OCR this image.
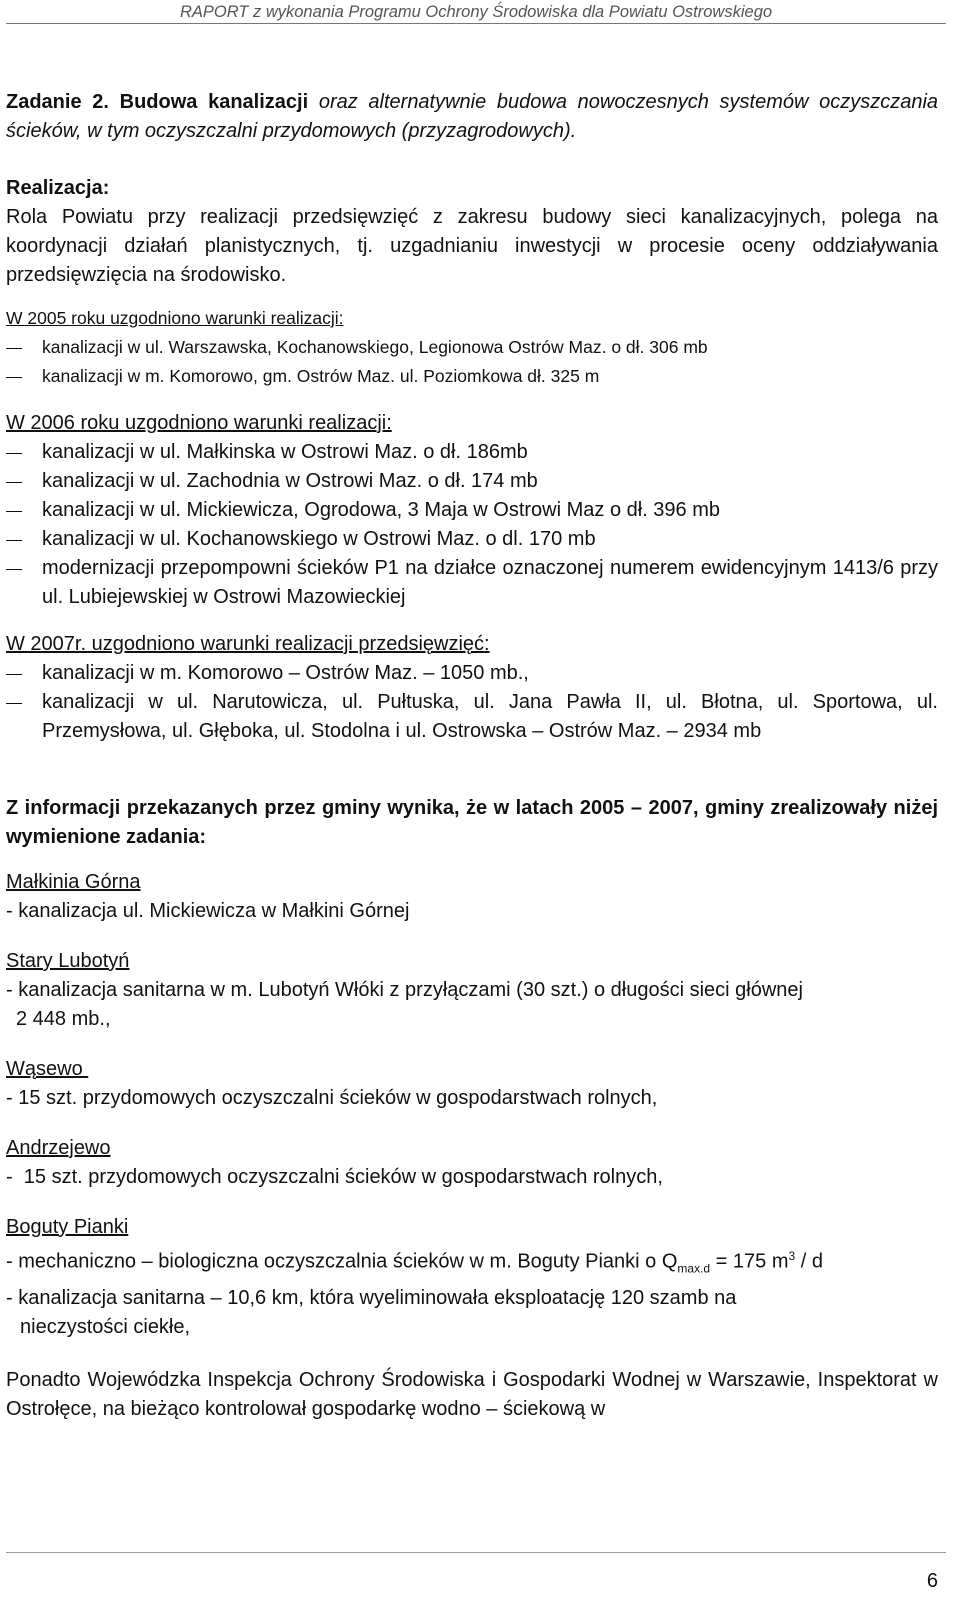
RAPORT z wykonania Programu Ochrony Środowiska dla Powiatu Ostrowskiego

Zadanie 2. Budowa kanalizacji oraz alternatywnie budowa nowoczesnych systemów oczyszczania ścieków, w tym oczyszczalni przydomowych (przyzagrodowych).

Realizacja:

Rola Powiatu przy realizacji przedsięwzięć z zakresu budowy sieci kanalizacyjnych, polega na koordynacji działań planistycznych, tj. uzgadnianiu inwestycji w procesie oceny oddziaływania przedsięwzięcia na środowisko.

W 2005 roku uzgodniono warunki realizacji:

kanalizacji w ul. Warszawska, Kochanowskiego, Legionowa Ostrów Maz. o dł. 306 mb
kanalizacji w m. Komorowo, gm. Ostrów Maz. ul. Poziomkowa dł. 325 m

W 2006 roku uzgodniono warunki realizacji:

kanalizacji w ul. Małkinska w Ostrowi Maz. o dł. 186mb
kanalizacji w ul. Zachodnia w Ostrowi Maz. o dł. 174 mb
kanalizacji w ul. Mickiewicza, Ogrodowa, 3 Maja w Ostrowi Maz o dł. 396 mb
kanalizacji w ul. Kochanowskiego w Ostrowi Maz. o dl. 170 mb
modernizacji przepompowni ścieków P1 na działce oznaczonej numerem ewidencyjnym 1413/6 przy ul. Lubiejewskiej w Ostrowi Mazowieckiej

W 2007r. uzgodniono warunki realizacji przedsięwzięć:

kanalizacji w m. Komorowo – Ostrów Maz. – 1050 mb.,
kanalizacji w ul. Narutowicza, ul. Pułtuska, ul. Jana Pawła II, ul. Błotna, ul. Sportowa, ul. Przemysłowa, ul. Głęboka, ul. Stodolna i ul. Ostrowska – Ostrów Maz. – 2934 mb

Z informacji przekazanych przez gminy wynika, że w latach 2005 – 2007, gminy zrealizowały niżej wymienione zadania:

Małkinia Górna

- kanalizacja ul. Mickiewicza w Małkini Górnej

Stary Lubotyń

- kanalizacja sanitarna w m. Lubotyń Włóki z przyłączami (30 szt.) o długości sieci głównej

2 448 mb.,

Wąsewo

- 15 szt. przydomowych oczyszczalni ścieków w gospodarstwach rolnych,

Andrzejewo

-  15 szt. przydomowych oczyszczalni ścieków w gospodarstwach rolnych,

Boguty Pianki

- mechaniczno – biologiczna oczyszczalnia ścieków w m. Boguty Pianki o $Q_{max.d} = 175$ $m^3$ / d

- kanalizacja sanitarna – 10,6 km, która wyeliminowała eksploatację 120 szamb na

nieczystości ciekłe,

Ponadto Wojewódzka Inspekcja Ochrony Środowiska i Gospodarki Wodnej w Warszawie, Inspektorat w Ostrołęce, na bieżąco kontrolował gospodarkę wodno – ściekową w

6
